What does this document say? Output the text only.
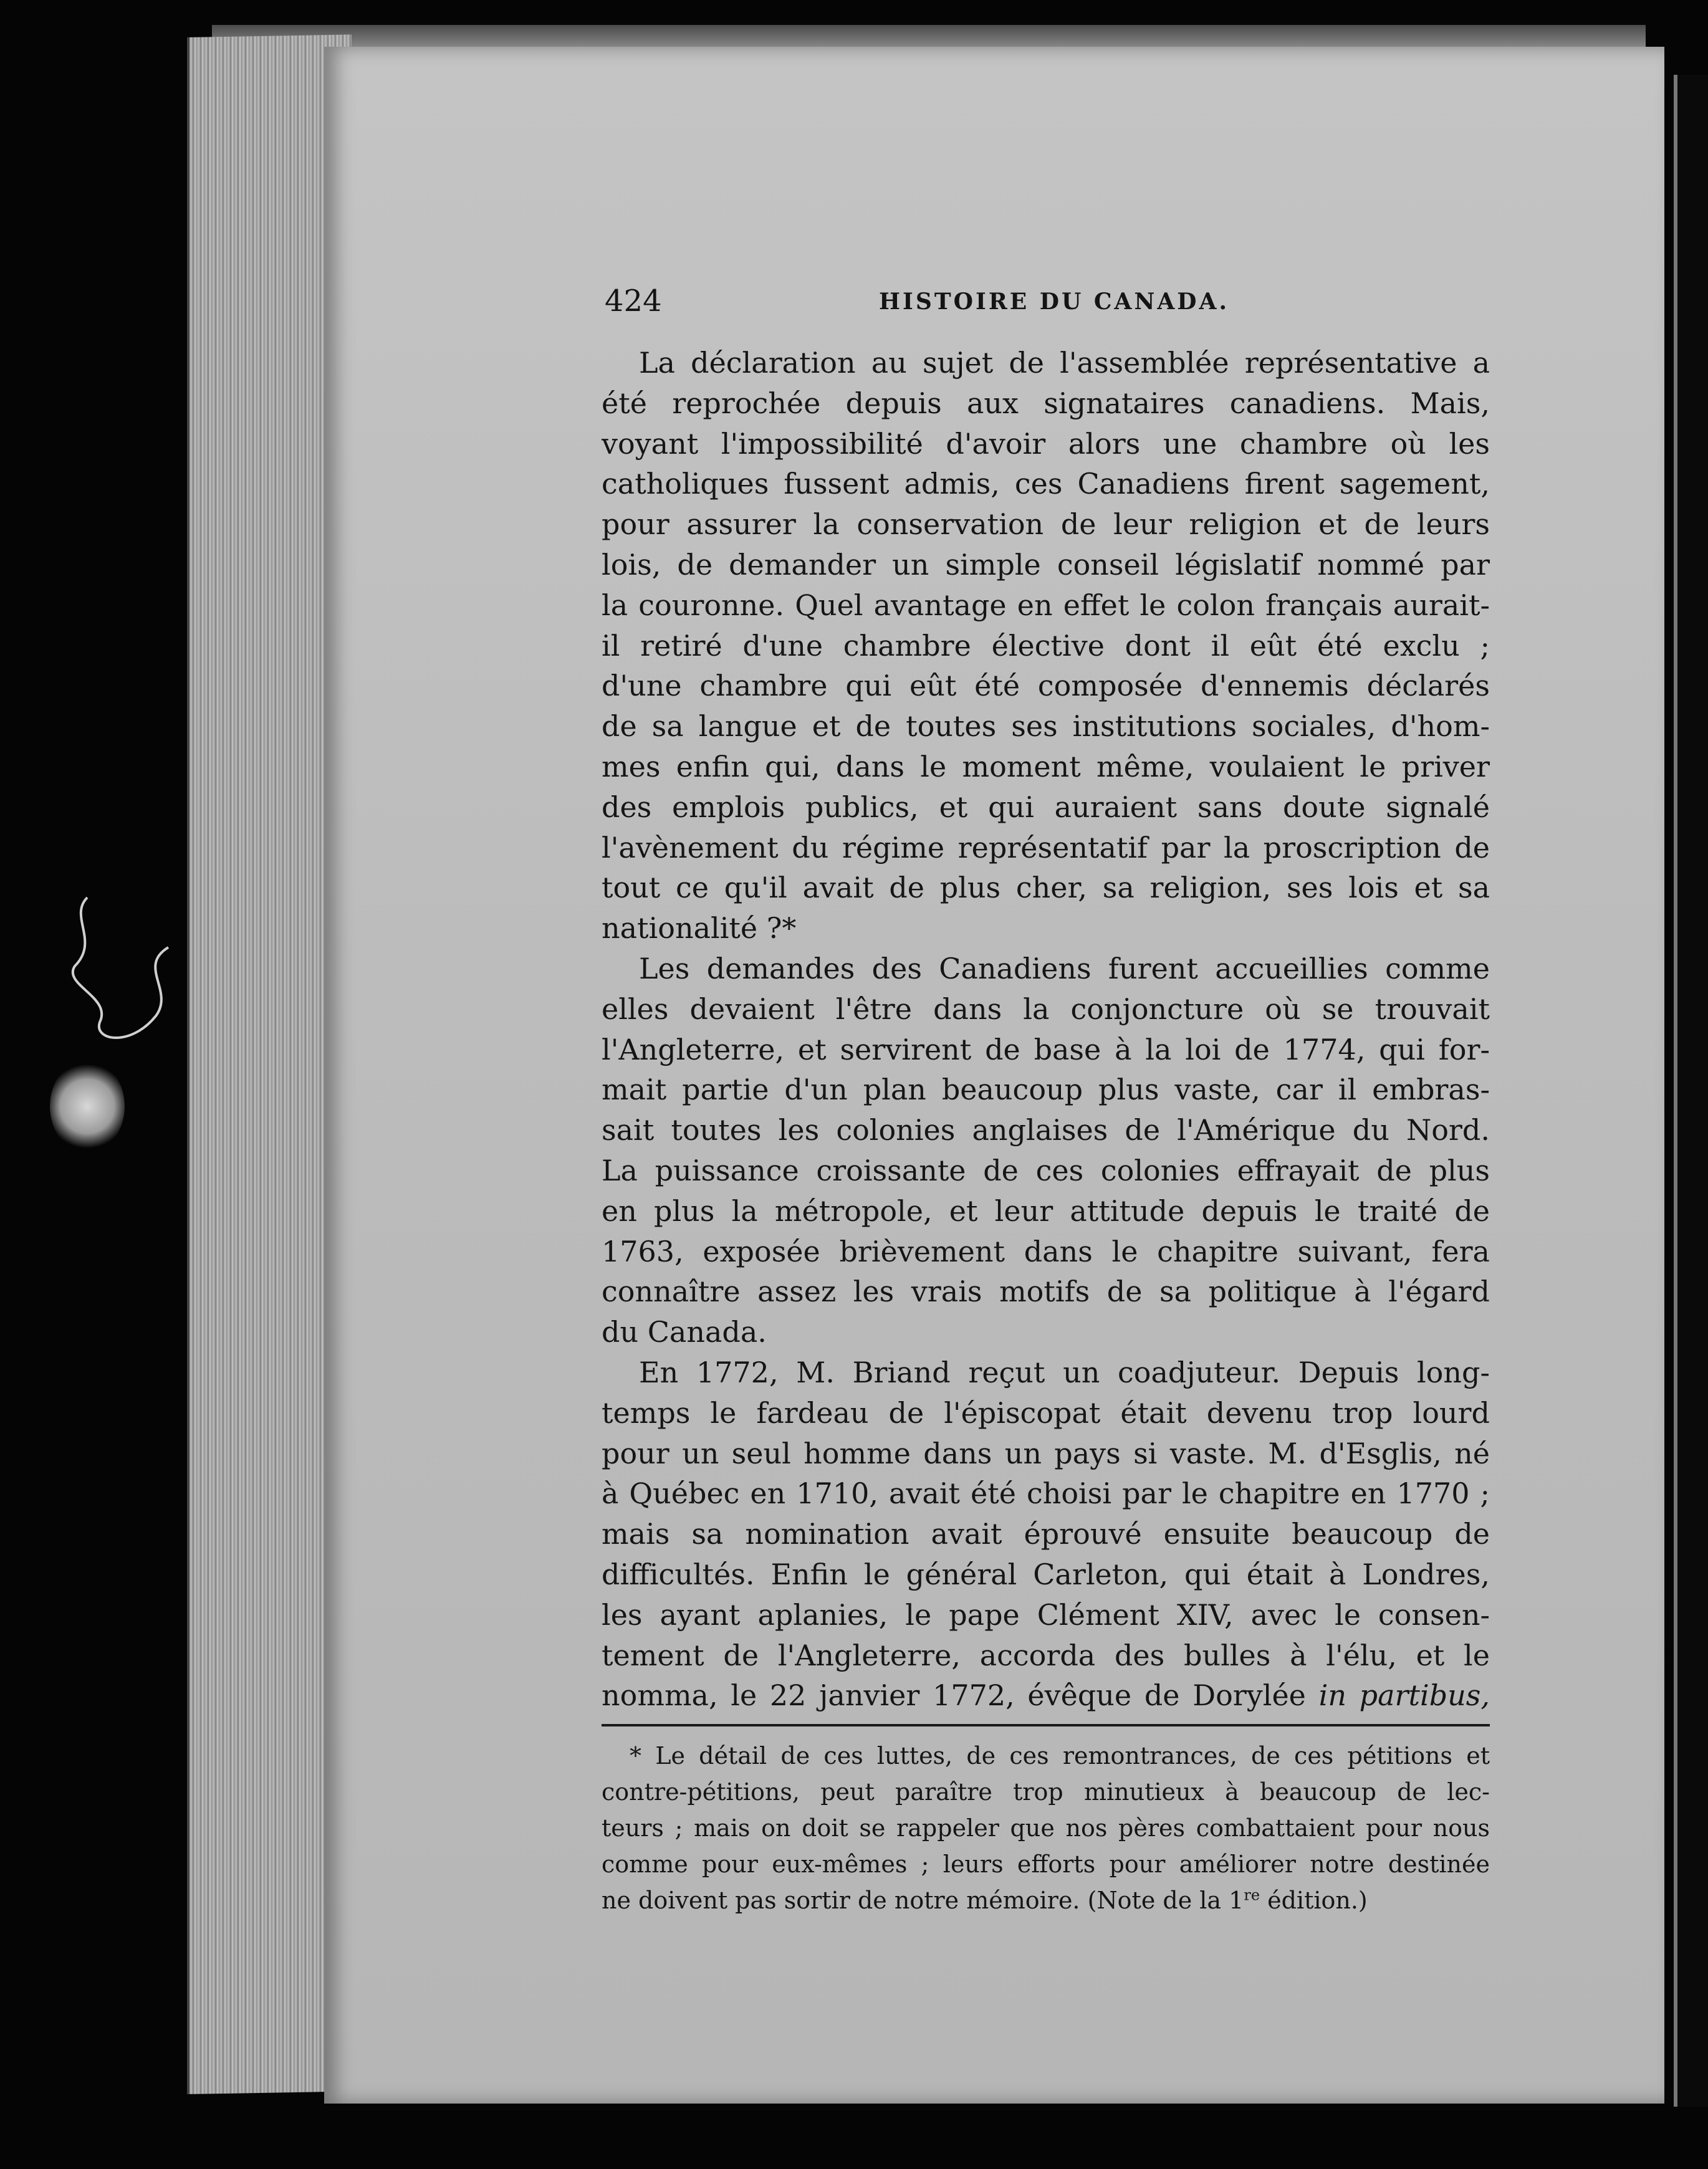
424	HISTOIRE DU CANADA.
La déclaration au sujet de l'assemblée représentative a
été reprochée depuis aux signataires canadiens. Mais,
voyant l'impossibilité d'avoir alors une chambre où les
catholiques fussent admis, ces Canadiens firent sagement,
pour assurer la conservation de leur religion et de leurs
lois, de demander un simple conseil législatif nommé par
la couronne. Quel avantage en effet le colon français aurait-
il retiré d'une chambre élective dont il eût été exclu ;
d'une chambre qui eût été composée d'ennemis déclarés
de sa langue et de toutes ses institutions sociales, d'hom-
mes enfin qui, dans le moment même, voulaient le priver
des emplois publics, et qui auraient sans doute signalé
l'avènement du régime représentatif par la proscription de
tout ce qu'il avait de plus cher, sa religion, ses lois et sa
nationalité ?*
Les demandes des Canadiens furent accueillies comme
elles devaient l'être dans la conjoncture où se trouvait
l'Angleterre, et servirent de base à la loi de 1774, qui for-
mait partie d'un plan beaucoup plus vaste, car il embras-
sait toutes les colonies anglaises de l'Amérique du Nord.
La puissance croissante de ces colonies effrayait de plus
en plus la métropole, et leur attitude depuis le traité de
1763, exposée brièvement dans le chapitre suivant, fera
connaître assez les vrais motifs de sa politique à l'égard
du Canada.
En 1772, M. Briand reçut un coadjuteur. Depuis long-
temps le fardeau de l'épiscopat était devenu trop lourd
pour un seul homme dans un pays si vaste. M. d'Esglis, né
à Québec en 1710, avait été choisi par le chapitre en 1770 ;
mais sa nomination avait éprouvé ensuite beaucoup de
difficultés. Enfin le général Carleton, qui était à Londres,
les ayant aplanies, le pape Clément XIV, avec le consen-
tement de l'Angleterre, accorda des bulles à l'élu, et le
nomma, le 22 janvier 1772, évêque de Dorylée in partibus,
* Le détail de ces luttes, de ces remontrances, de ces pétitions et
contre-pétitions, peut paraître trop minutieux à beaucoup de lec-
teurs ; mais on doit se rappeler que nos pères combattaient pour nous
comme pour eux-mêmes ; leurs efforts pour améliorer notre destinée
ne doivent pas sortir de notre mémoire. (Note de la 1re édition.)
